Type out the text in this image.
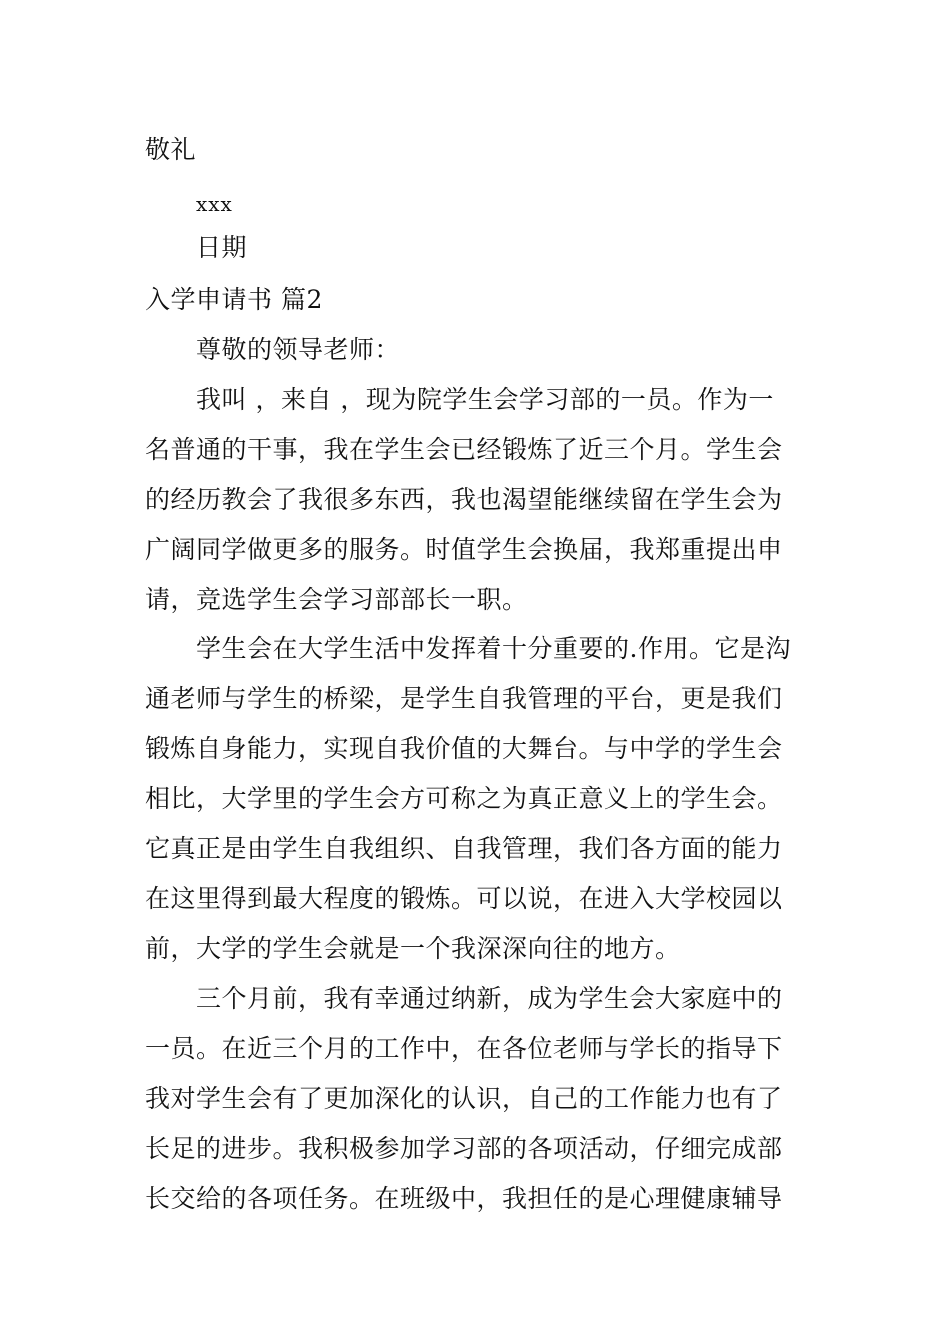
敬礼
xxx
日期
入学申请书 篇2
尊敬的领导老师：
我叫 ，来自 ，现为院学生会学习部的一员。作为一
名普通的干事，我在学生会已经锻炼了近三个月。学生会
的经历教会了我很多东西，我也渴望能继续留在学生会为
广阔同学做更多的服务。时值学生会换届，我郑重提出申
请，竞选学生会学习部部长一职。
学生会在大学生活中发挥着十分重要的.作用。它是沟
通老师与学生的桥梁，是学生自我管理的平台，更是我们
锻炼自身能力，实现自我价值的大舞台。与中学的学生会
相比，大学里的学生会方可称之为真正意义上的学生会。
它真正是由学生自我组织、自我管理，我们各方面的能力
在这里得到最大程度的锻炼。可以说，在进入大学校园以
前，大学的学生会就是一个我深深向往的地方。
三个月前，我有幸通过纳新，成为学生会大家庭中的
一员。在近三个月的工作中，在各位老师与学长的指导下
我对学生会有了更加深化的认识，自己的工作能力也有了
长足的进步。我积极参加学习部的各项活动，仔细完成部
长交给的各项任务。在班级中，我担任的是心理健康辅导
